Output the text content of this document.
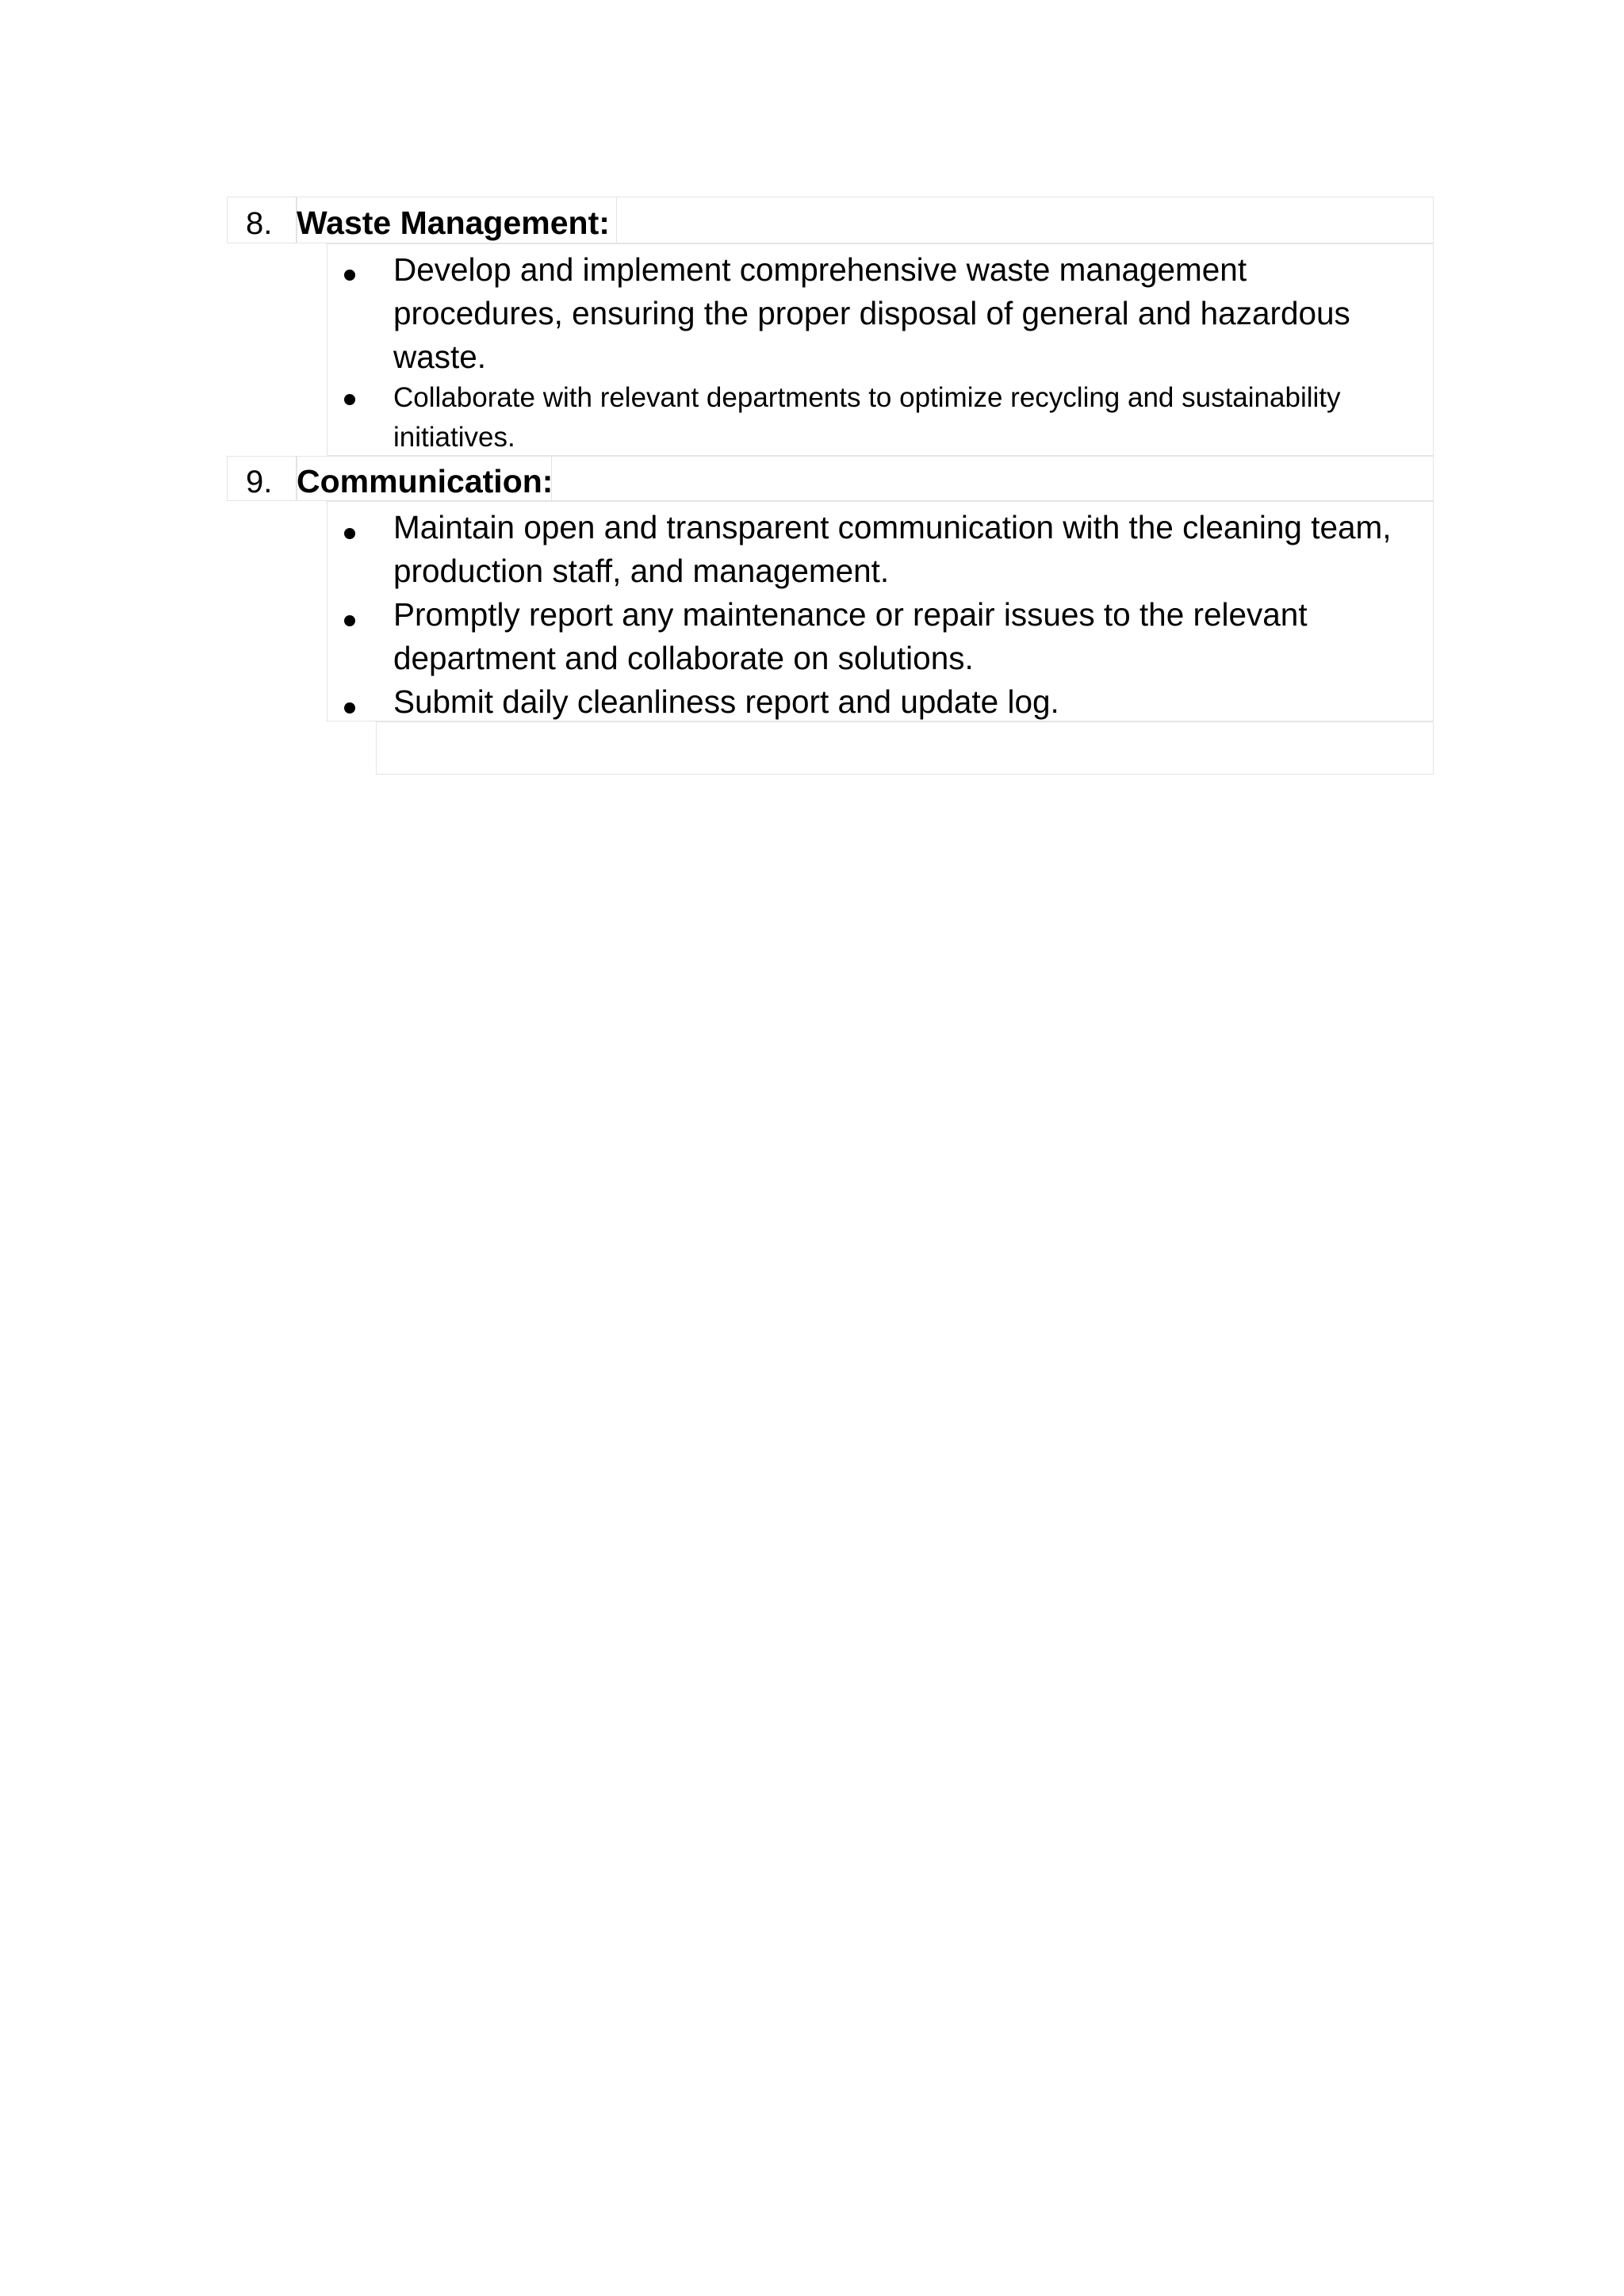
8. Waste Management:
Develop and implement comprehensive waste management
procedures, ensuring the proper disposal of general and hazardous
waste.
Collaborate with relevant departments to optimize recycling and sustainability
initiatives.
9. Communication:
Maintain open and transparent communication with the cleaning team,
production staff, and management.
Promptly report any maintenance or repair issues to the relevant
department and collaborate on solutions.
Submit daily cleanliness report and update log.
